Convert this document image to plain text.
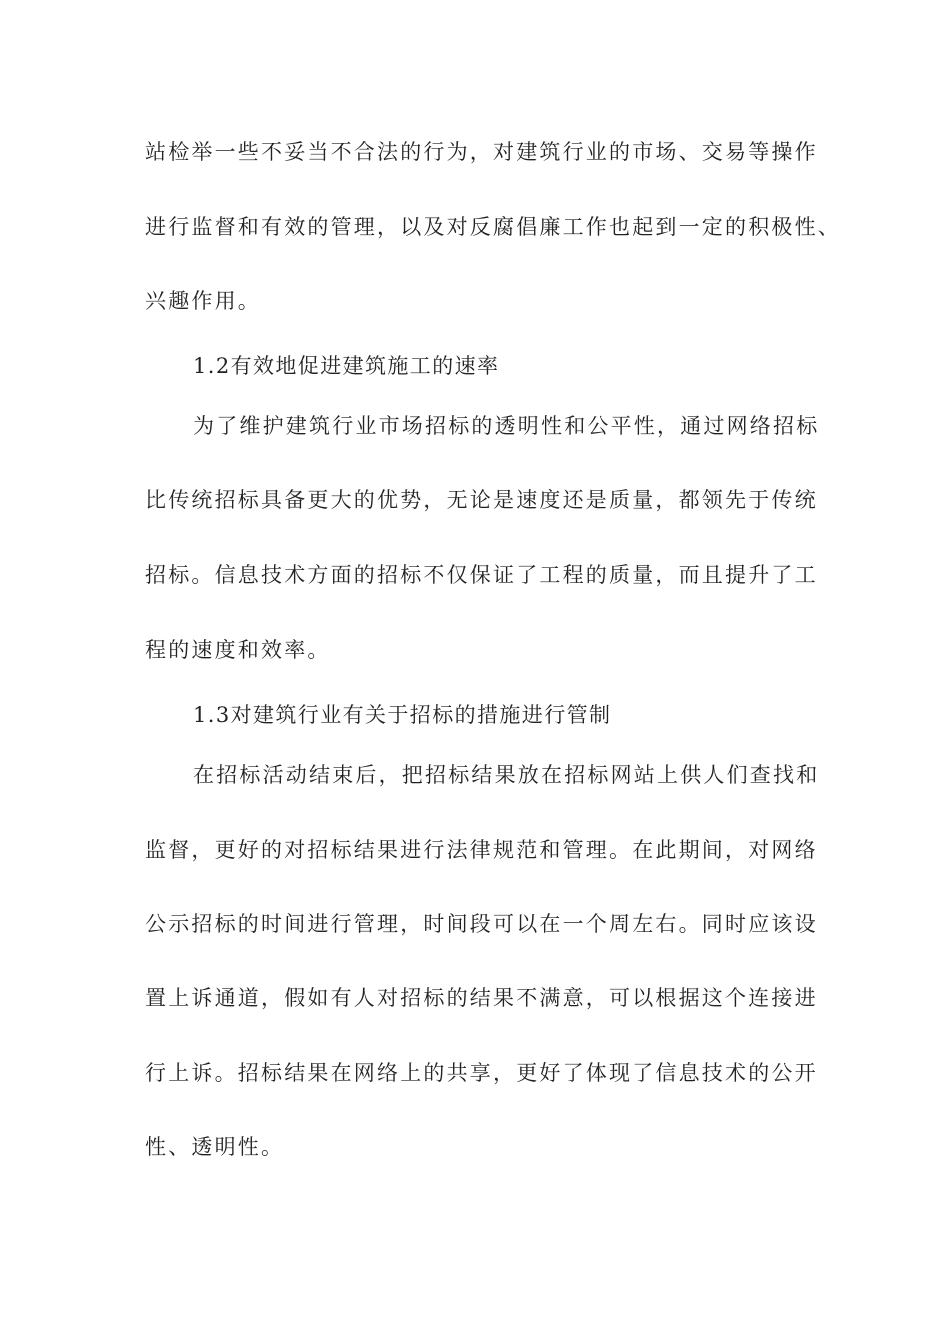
站检举一些不妥当不合法的行为，对建筑行业的市场、交易等操作
进行监督和有效的管理，以及对反腐倡廉工作也起到一定的积极性、
兴趣作用。
1.2有效地促进建筑施工的速率
为了维护建筑行业市场招标的透明性和公平性，通过网络招标
比传统招标具备更大的优势，无论是速度还是质量，都领先于传统
招标。信息技术方面的招标不仅保证了工程的质量，而且提升了工
程的速度和效率。
1.3对建筑行业有关于招标的措施进行管制
在招标活动结束后，把招标结果放在招标网站上供人们查找和
监督，更好的对招标结果进行法律规范和管理。在此期间，对网络
公示招标的时间进行管理，时间段可以在一个周左右。同时应该设
置上诉通道，假如有人对招标的结果不满意，可以根据这个连接进
行上诉。招标结果在网络上的共享，更好了体现了信息技术的公开
性、透明性。
